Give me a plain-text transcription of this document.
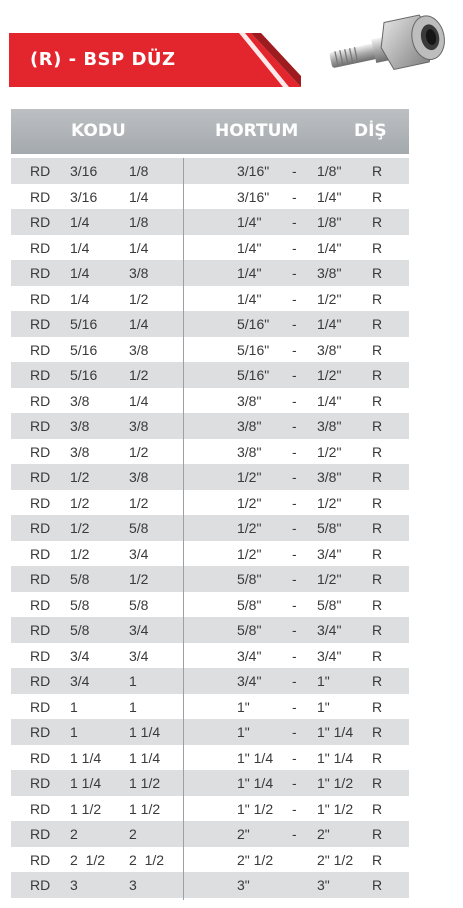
(R) - BSP DÜZ
KODU	HORTUM	DİŞ
RD 3/16 1/8	3/16" - 1/8" R
RD 3/16 1/4	3/16" - 1/4" R
RD 1/4	1/8	1/4" - 1/8" R
RD 1/4	1/4	1/4" - 1/4" R
RD 1/4	3/8	1/4" - 3/8" R
RD 1/4	1/2	1/4" - 1/2" R
RD 5/16 1/4	5/16" - 1/4" R
RD 5/16 3/8	5/16" - 3/8" R
RD 5/16 1/2	5/16" - 1/2" R
RD 3/8	1/4	3/8" - 1/4" R
RD 3/8	3/8	3/8" - 3/8" R
RD 3/8	1/2	3/8" - 1/2" R
RD 1/2	3/8	1/2" - 3/8" R
RD 1/2	1/2	1/2" - 1/2" R
RD 1/2	5/8	1/2" - 5/8" R
RD 1/2	3/4	1/2" - 3/4" R
RD 5/8	1/2	5/8" - 1/2" R
RD 5/8	5/8	5/8" - 5/8" R
RD 5/8	3/4	5/8" - 3/4" R
RD 3/4	3/4	3/4" - 3/4" R
RD 3/4	1	3/4" - 1"	R
RD 1	1	1"	- 1"	R
RD 1	1 1/4	1"	- 1" 1/4 R
RD 1 1/4 1 1/4	1" 1/4 - 1" 1/4 R
RD 1 1/4 1 1/2	1" 1/4 - 1" 1/2 R
RD 1 1/2 1 1/2	1" 1/2 - 1" 1/2 R
RD 2	2	2"	- 2"	R
RD 2  1/2 2  1/2	2" 1/2	2" 1/2 R
RD 3	3	3"	3"	R
